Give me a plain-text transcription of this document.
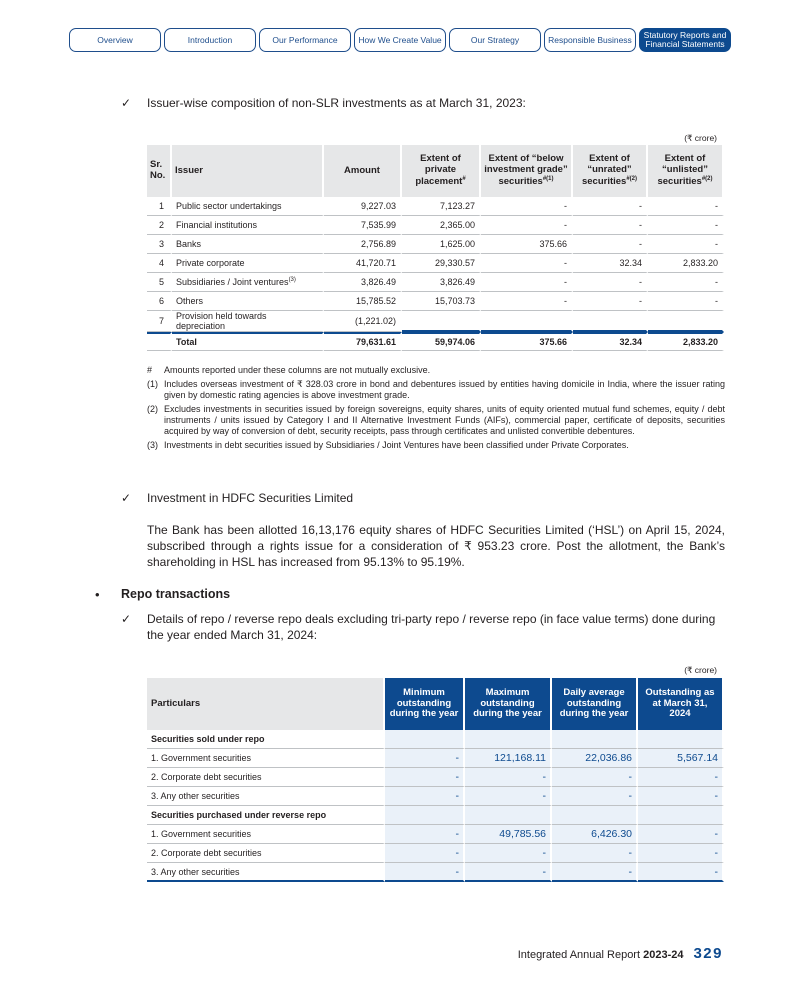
Overview	Introduction	Our Performance	How We Create Value	Our Strategy	Responsible Business	Statutory Reports and Financial Statements
✓ Issuer-wise composition of non-SLR investments as at March 31, 2023:
(₹ crore)
Sr. No.	Issuer	Amount	Extent of private placement#	Extent of “below investment grade” securities$^{\#(1)}$	Extent of “unrated” securities$^{\#(2)}$	Extent of “unlisted” securities$^{\#(2)}$
1	Public sector undertakings	9,227.03	7,123.27	-	-	-
2	Financial institutions	7,535.99	2,365.00	-	-	-
3	Banks	2,756.89	1,625.00	375.66	-	-
4	Private corporate	41,720.71	29,330.57	-	32.34	2,833.20
5	Subsidiaries / Joint ventures$^{(3)}$	3,826.49	3,826.49	-	-	-
6	Others	15,785.52	15,703.73	-	-	-
7	Provision held towards depreciation	(1,221.02)				
	Total	79,631.61	59,974.06	375.66	32.34	2,833.20
#	Amounts reported under these columns are not mutually exclusive.
(1) Includes overseas investment of ₹ 328.03 crore in bond and debentures issued by entities having domicile in India, where the issuer rating given by domestic rating agencies is above investment grade.
(2) Excludes investments in securities issued by foreign sovereigns, equity shares, units of equity oriented mutual fund schemes, equity / debt instruments / units issued by Category I and II Alternative Investment Funds (AIFs), commercial paper, certificate of deposits, securities acquired by way of conversion of debt, security receipts, pass through certificates and unlisted convertible debentures.
(3) Investments in debt securities issued by Subsidiaries / Joint Ventures have been classified under Private Corporates.
✓ Investment in HDFC Securities Limited

The Bank has been allotted 16,13,176 equity shares of HDFC Securities Limited (‘HSL’) on April 15, 2024, subscribed through a rights issue for a consideration of ₹ 953.23 crore. Post the allotment, the Bank’s shareholding in HSL has increased from 95.13% to 95.19%.

• Repo transactions
✓ Details of repo / reverse repo deals excluding tri-party repo / reverse repo (in face value terms) done during the year ended March 31, 2024:

(₹ crore)
Particulars	Minimum outstanding during the year	Maximum outstanding during the year	Daily average outstanding during the year	Outstanding as at March 31, 2024
Securities sold under repo				
1. Government securities	-	121,168.11	22,036.86	5,567.14
2. Corporate debt securities	-	-	-	-
3. Any other securities	-	-	-	-
Securities purchased under reverse repo				
1. Government securities	-	49,785.56	6,426.30	-
2. Corporate debt securities	-	-	-	-
3. Any other securities	-	-	-	-
Integrated Annual Report 2023-24 329
